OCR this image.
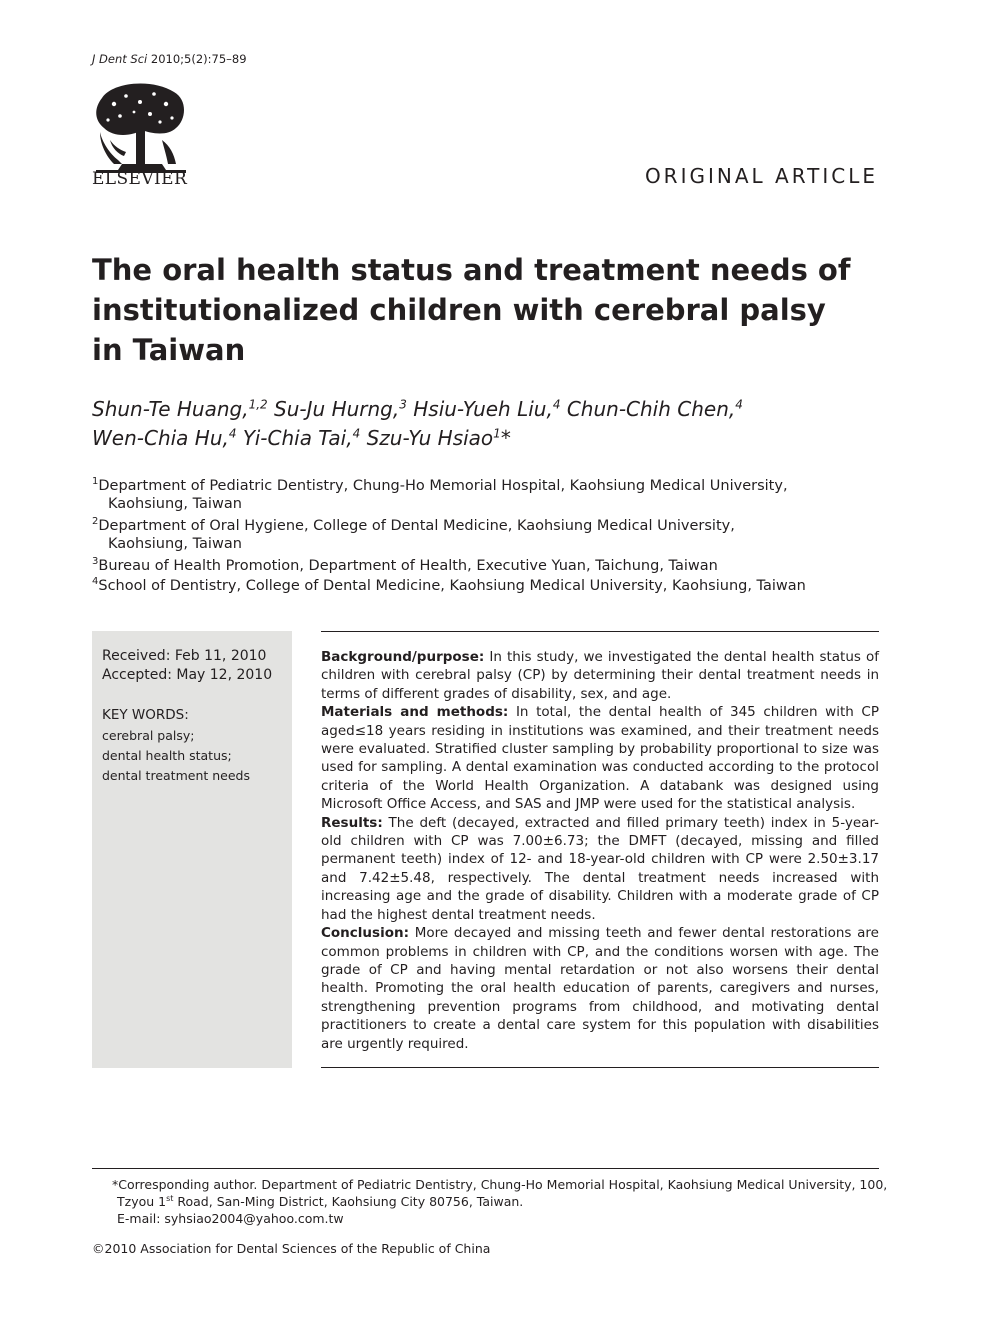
J Dent Sci 2010;5(2):75–89
ELSEVIER	ORIGINAL ARTICLE
The oral health status and treatment needs of
institutionalized children with cerebral palsy
in Taiwan
Shun-Te Huang,$^{1,2}$ Su-Ju Hurng,$^3$ Hsiu-Yueh Liu,$^4$ Chun-Chih Chen,$^4$
Wen-Chia Hu,$^4$ Yi-Chia Tai,$^4$ Szu-Yu Hsiao$^1$*
$^1$Department of Pediatric Dentistry, Chung-Ho Memorial Hospital, Kaohsiung Medical University,
Kaohsiung, Taiwan
$^2$Department of Oral Hygiene, College of Dental Medicine, Kaohsiung Medical University,
Kaohsiung, Taiwan
$^3$Bureau of Health Promotion, Department of Health, Executive Yuan, Taichung, Taiwan
$^4$School of Dentistry, College of Dental Medicine, Kaohsiung Medical University, Kaohsiung, Taiwan
Received: Feb 11, 2010
Accepted: May 12, 2010
KEY WORDS:
cerebral palsy;
dental health status;
dental treatment needs

Background/purpose: In this study, we investigated the dental health status of children with cerebral palsy (CP) by determining their dental treatment needs in terms of different grades of disability, sex, and age.

Materials and methods: In total, the dental health of 345 children with CP aged≤18 years residing in institutions was examined, and their treatment needs were evaluated. Stratified cluster sampling by probability proportional to size was used for sampling. A dental examination was conducted according to the protocol criteria of the World Health Organization. A databank was designed using Microsoft Office Access, and SAS and JMP were used for the statistical analysis.

Results: The deft (decayed, extracted and filled primary teeth) index in 5-year-old children with CP was 7.00±6.73; the DMFT (decayed, missing and filled permanent teeth) index of 12- and 18-year-old children with CP were 2.50±3.17 and 7.42±5.48, respectively. The dental treatment needs increased with increasing age and the grade of disability. Children with a moderate grade of CP had the highest dental treatment needs.

Conclusion: More decayed and missing teeth and fewer dental restorations are common problems in children with CP, and the conditions worsen with age. The grade of CP and having mental retardation or not also worsens their dental health. Promoting the oral health education of parents, caregivers and nurses, strengthening prevention programs from childhood, and motivating dental practitioners to create a dental care system for this population with disabilities are urgently required.

*Corresponding author. Department of Pediatric Dentistry, Chung-Ho Memorial Hospital, Kaohsiung Medical University, 100,
Tzyou 1st Road, San-Ming District, Kaohsiung City 80756, Taiwan.
E-mail: syhsiao2004@yahoo.com.tw
©2010 Association for Dental Sciences of the Republic of China
